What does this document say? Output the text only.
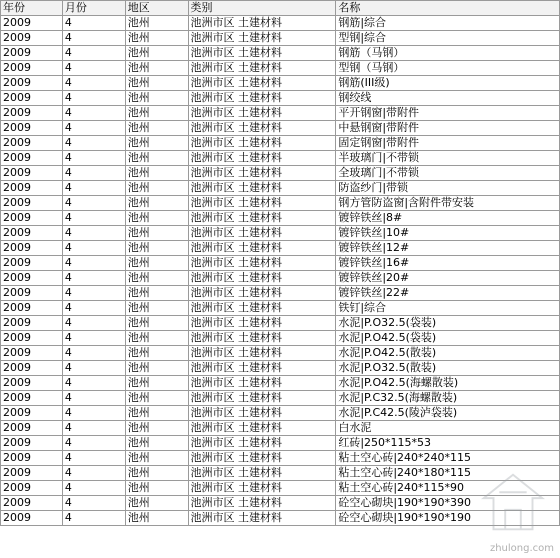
年份	月份	地区	类别	名称
2009	4	池州	池洲市区 土建材料	钢筋|综合
2009	4	池州	池洲市区 土建材料	型钢|综合
2009	4	池州	池洲市区 土建材料	钢筋（马钢）
2009	4	池州	池洲市区 土建材料	型钢（马钢）
2009	4	池州	池洲市区 土建材料	钢筋(III级)
2009	4	池州	池洲市区 土建材料	钢绞线
2009	4	池州	池洲市区 土建材料	平开钢窗|带附件
2009	4	池州	池洲市区 土建材料	中悬钢窗|带附件
2009	4	池州	池洲市区 土建材料	固定钢窗|带附件
2009	4	池州	池洲市区 土建材料	半玻璃门|不带锁
2009	4	池州	池洲市区 土建材料	全玻璃门|不带锁
2009	4	池州	池洲市区 土建材料	防盗纱门|带锁
2009	4	池州	池洲市区 土建材料	钢方管防盗窗|含附件带安装
2009	4	池州	池洲市区 土建材料	镀锌铁丝|8#
2009	4	池州	池洲市区 土建材料	镀锌铁丝|10#
2009	4	池州	池洲市区 土建材料	镀锌铁丝|12#
2009	4	池州	池洲市区 土建材料	镀锌铁丝|16#
2009	4	池州	池洲市区 土建材料	镀锌铁丝|20#
2009	4	池州	池洲市区 土建材料	镀锌铁丝|22#
2009	4	池州	池洲市区 土建材料	铁钉|综合
2009	4	池州	池洲市区 土建材料	水泥|P.O32.5(袋装)
2009	4	池州	池洲市区 土建材料	水泥|P.O42.5(袋装)
2009	4	池州	池洲市区 土建材料	水泥|P.O42.5(散装)
2009	4	池州	池洲市区 土建材料	水泥|P.O32.5(散装)
2009	4	池州	池洲市区 土建材料	水泥|P.O42.5(海螺散装)
2009	4	池州	池洲市区 土建材料	水泥|P.C32.5(海螺散装)
2009	4	池州	池洲市区 土建材料	水泥|P.C42.5(陵泸袋装)
2009	4	池州	池洲市区 土建材料	白水泥
2009	4	池州	池洲市区 土建材料	红砖|250*115*53
2009	4	池州	池洲市区 土建材料	粘土空心砖|240*240*115
2009	4	池州	池洲市区 土建材料	粘土空心砖|240*180*115
2009	4	池州	池洲市区 土建材料	粘土空心砖|240*115*90
2009	4	池州	池洲市区 土建材料	砼空心砌块|190*190*390
2009	4	池州	池洲市区 土建材料	砼空心砌块|190*190*190
zhulong.com
